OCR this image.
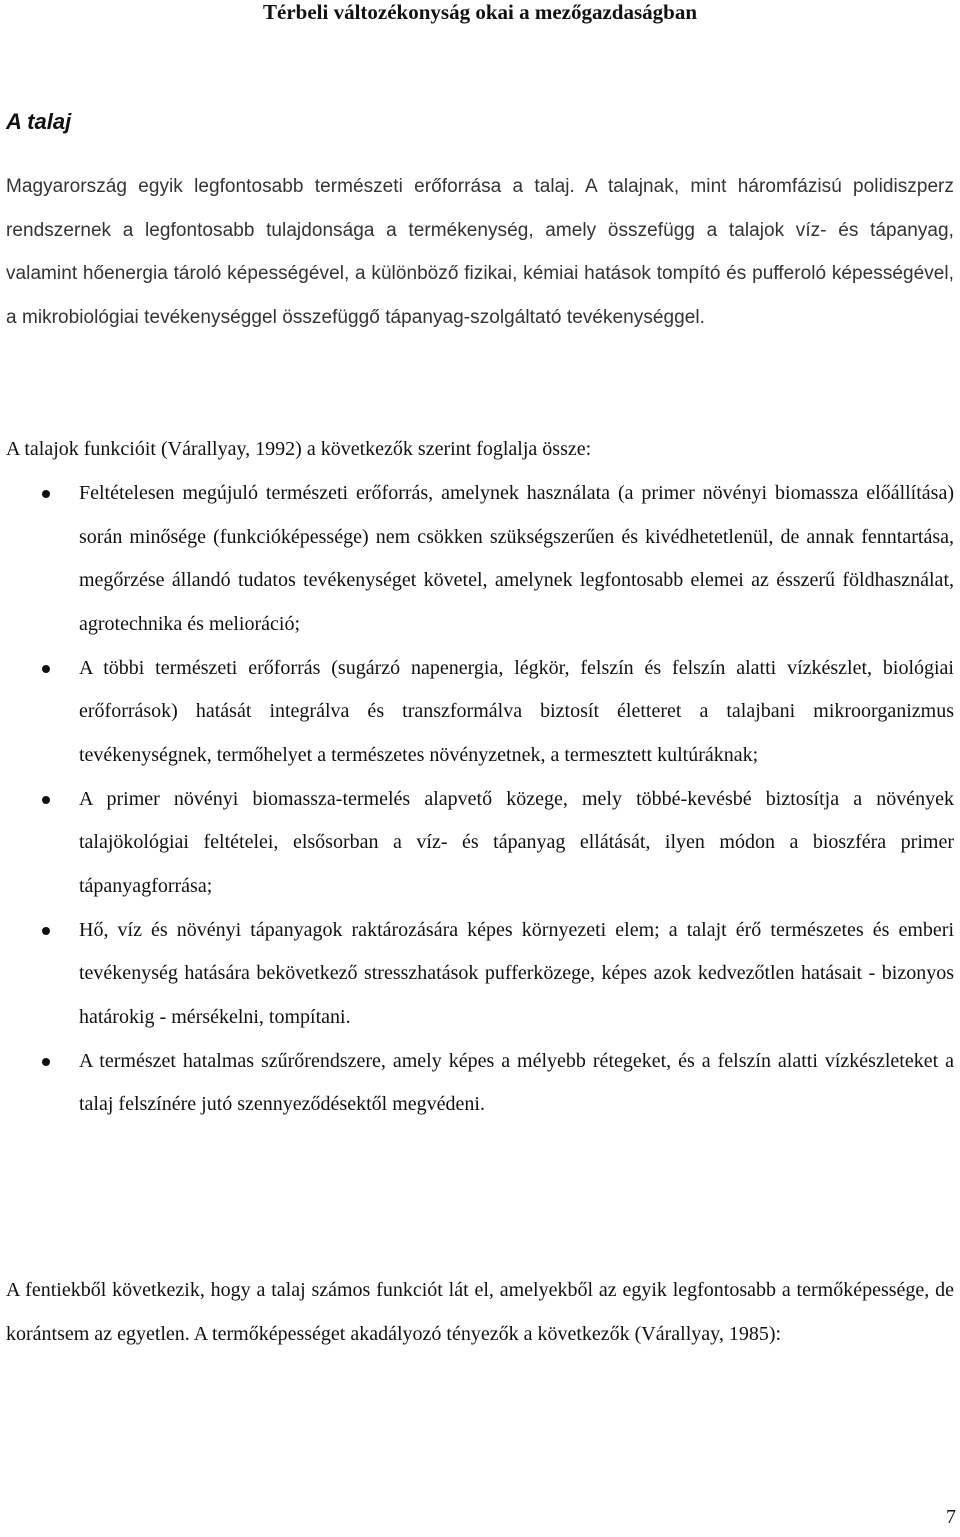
Térbeli változékonyság okai a mezőgazdaságban
A talaj

Magyarország egyik legfontosabb természeti erőforrása a talaj. A talajnak, mint háromfázisú polidiszperz rendszernek a legfontosabb tulajdonsága a termékenység, amely összefügg a talajok víz- és tápanyag, valamint hőenergia tároló képességével, a különböző fizikai, kémiai hatások tompító és pufferoló képességével, a mikrobiológiai tevékenységgel összefüggő tápanyag-szolgáltató tevékenységgel.

A talajok funkcióit (Várallyay, 1992) a következők szerint foglalja össze:

Feltételesen megújuló természeti erőforrás, amelynek használata (a primer növényi biomassza előállítása) során minősége (funkcióképessége) nem csökken szükségszerűen és kivédhetetlenül, de annak fenntartása, megőrzése állandó tudatos tevékenységet követel, amelynek legfontosabb elemei az ésszerű földhasználat, agrotechnika és melioráció;
A többi természeti erőforrás (sugárzó napenergia, légkör, felszín és felszín alatti vízkészlet, biológiai erőforrások) hatását integrálva és transzformálva biztosít életteret a talajbani mikroorganizmus tevékenységnek, termőhelyet a természetes növényzetnek, a termesztett kultúráknak;
A primer növényi biomassza-termelés alapvető közege, mely többé-kevésbé biztosítja a növények talajökológiai feltételei, elsősorban a víz- és tápanyag ellátását, ilyen módon a bioszféra primer tápanyagforrása;
Hő, víz és növényi tápanyagok raktározására képes környezeti elem; a talajt érő természetes és emberi tevékenység hatására bekövetkező stresszhatások pufferközege, képes azok kedvezőtlen hatásait - bizonyos határokig - mérsékelni, tompítani.
A természet hatalmas szűrőrendszere, amely képes a mélyebb rétegeket, és a felszín alatti vízkészleteket a talaj felszínére jutó szennyeződésektől megvédeni.

A fentiekből következik, hogy a talaj számos funkciót lát el, amelyekből az egyik legfontosabb a termőképessége, de korántsem az egyetlen. A termőképességet akadályozó tényezők a következők (Várallyay, 1985):

7
